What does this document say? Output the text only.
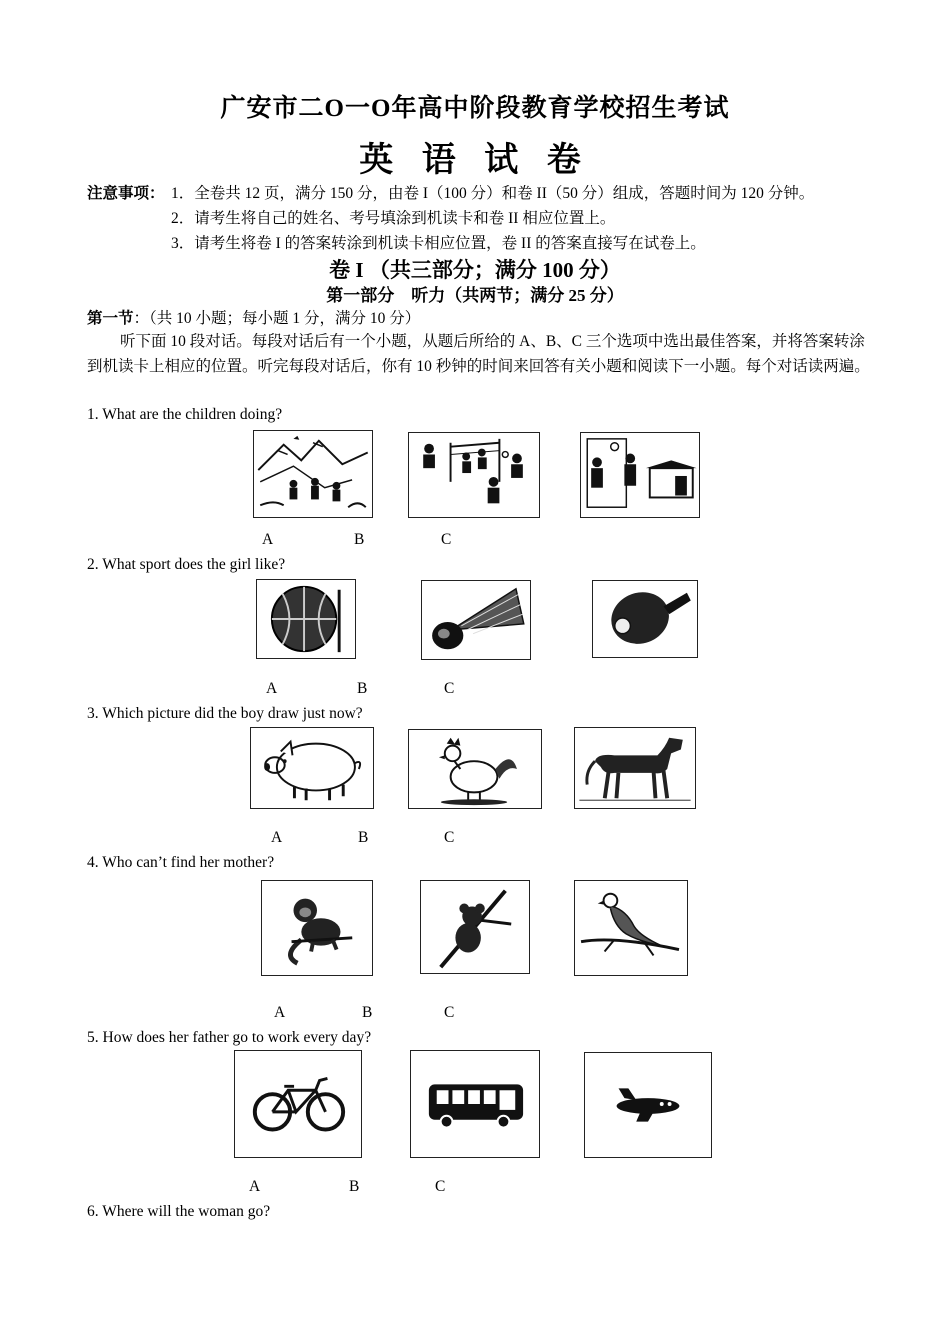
广安市二O一O年高中阶段教育学校招生考试
英 语 试 卷
注意事项： 1．全卷共 12 页，满分 150 分，由卷 I（100 分）和卷 II（50 分）组成，答题时间为 120 分钟。
2．请考生将自己的姓名、考号填涂到机读卡和卷 II 相应位置上。
3．请考生将卷 I 的答案转涂到机读卡相应位置，卷 II 的答案直接写在试卷上。
卷 I （共三部分；满分 100 分）
第一部分　听力（共两节；满分 25 分）
第一节：（共 10 小题；每小题 1 分，满分 10 分）
听下面 10 段对话。每段对话后有一个小题，从题后所给的 A、B、C 三个选项中选出最佳答案，并将答案转涂到机读卡上相应的位置。听完每段对话后，你有 10 秒钟的时间来回答有关小题和阅读下一小题。每个对话读两遍。
1. What are the children doing?
A	B	C
2. What sport does the girl like?
A	B	C
3. Which picture did the boy draw just now?
A	B	C
4. Who can’t find her mother?
A	B	C
5. How does her father go to work every day?
A	B	C
6. Where will the woman go?
